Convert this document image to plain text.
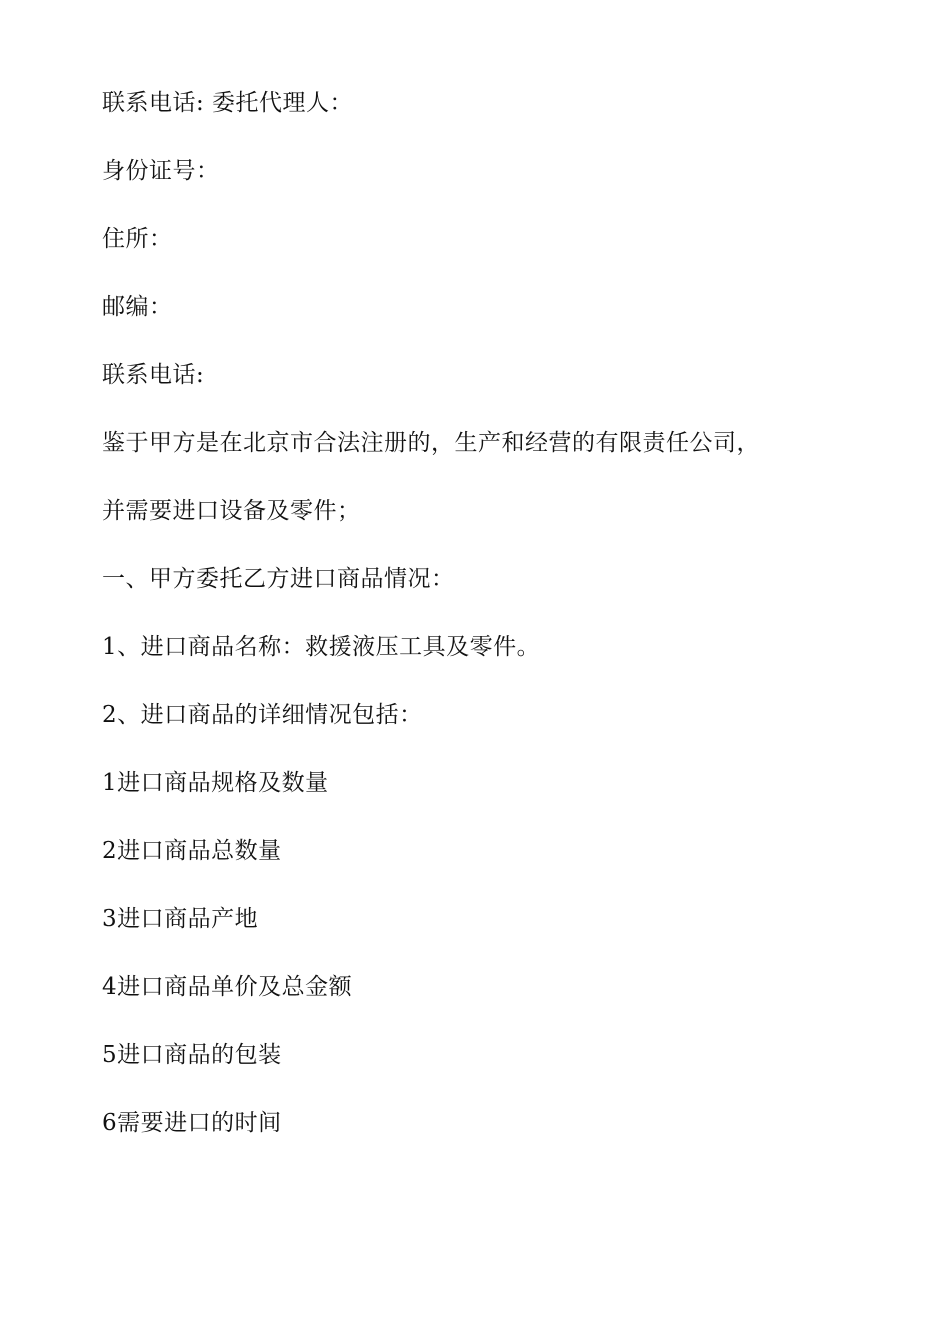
联系电话: 委托代理人：
身份证号：
住所：
邮编：
联系电话:
鉴于甲方是在北京市合法注册的，生产和经营的有限责任公司，
并需要进口设备及零件；
一、甲方委托乙方进口商品情况：
1、进口商品名称：救援液压工具及零件。
2、进口商品的详细情况包括：
1进口商品规格及数量
2进口商品总数量
3进口商品产地
4进口商品单价及总金额
5进口商品的包装
6需要进口的时间
